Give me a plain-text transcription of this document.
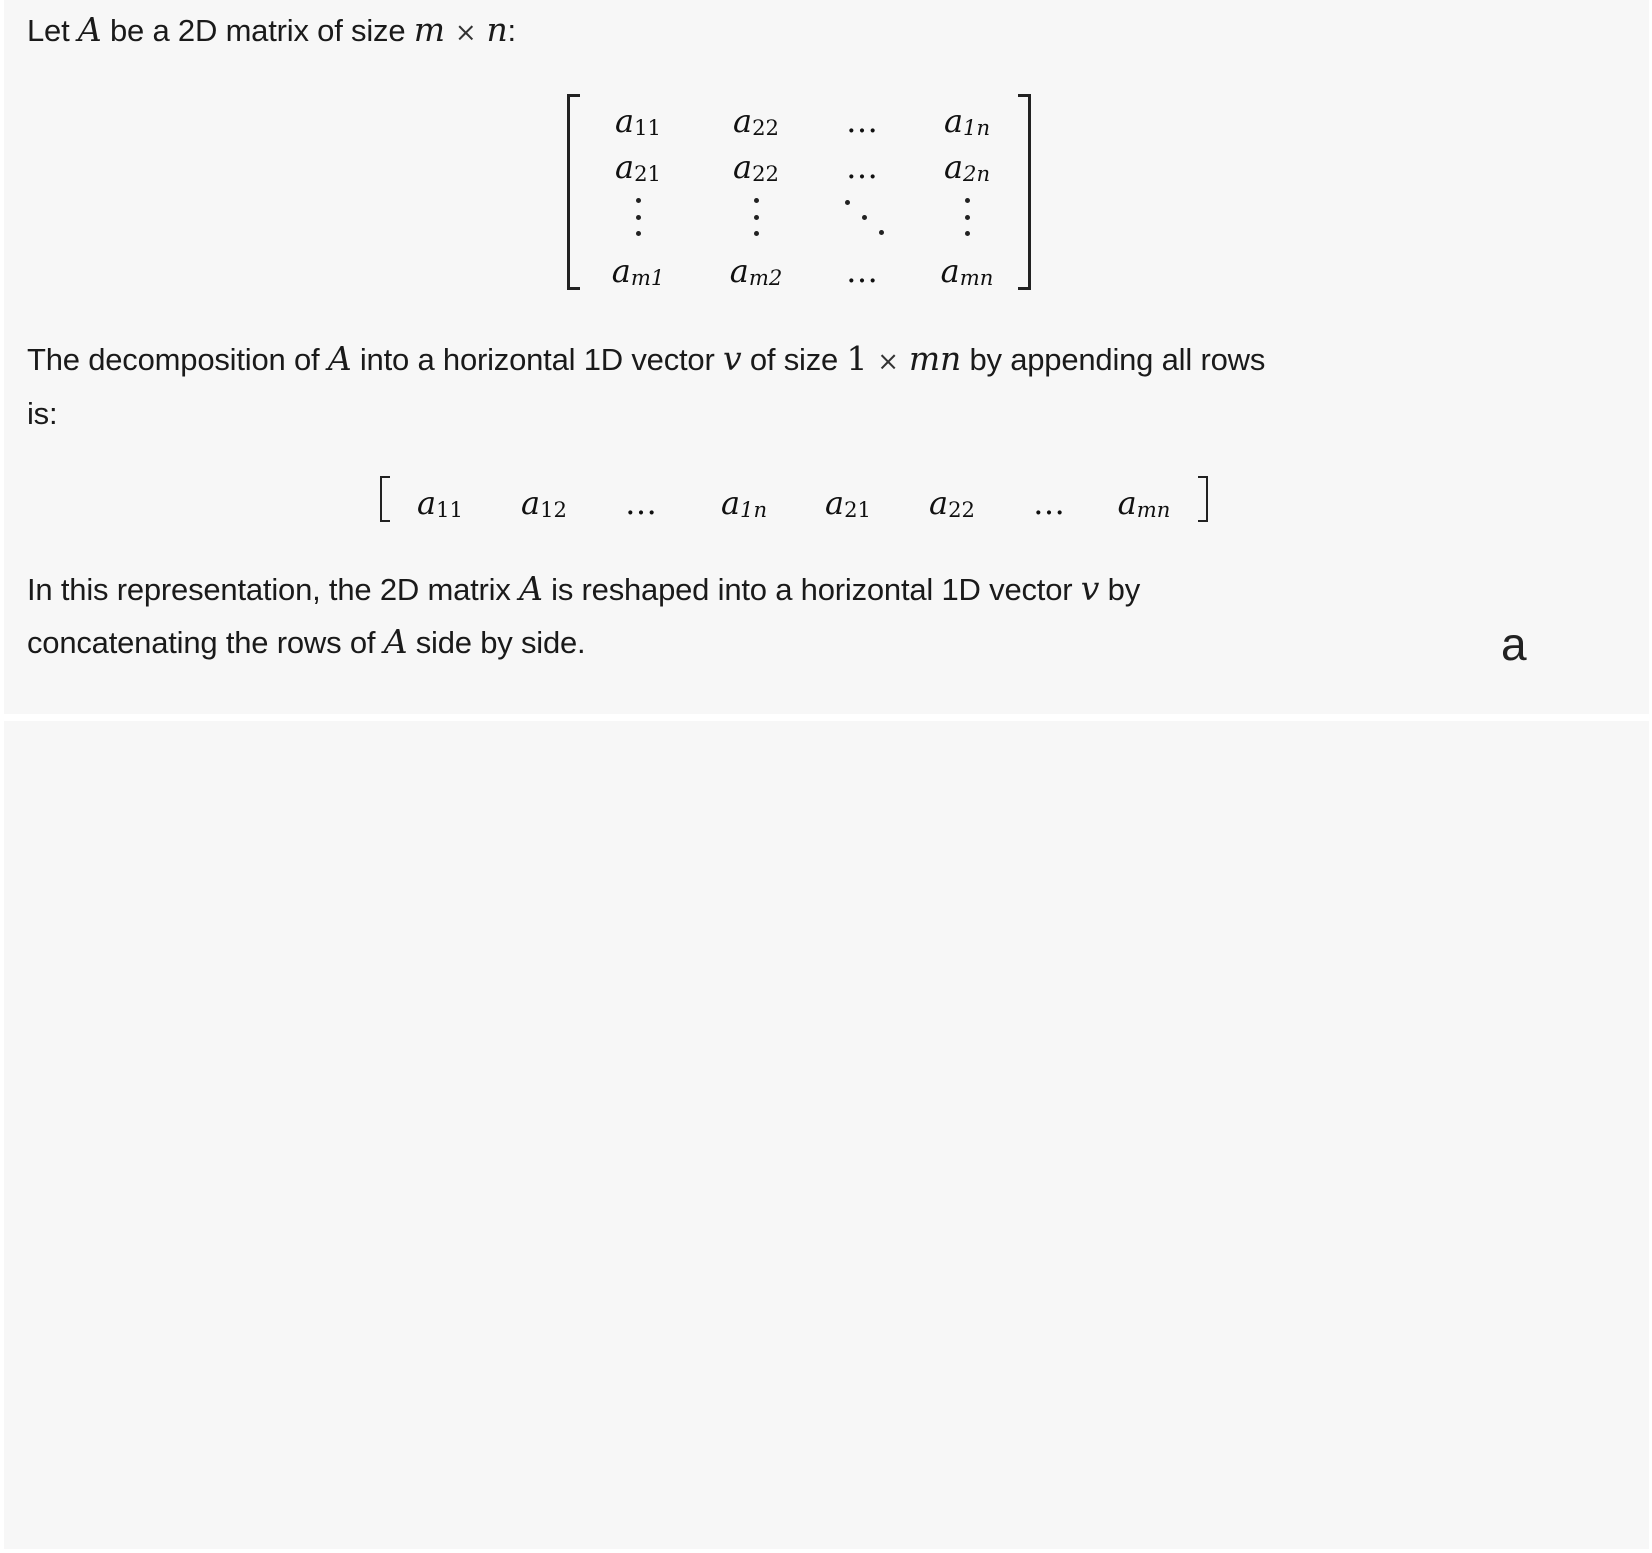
Let A be a 2D matrix of size m × n:
a 11	a 22	…	a 1n
a 21	a 22	…	a 2n
a m1	a m2	…	a mn
The decomposition of A into a horizontal 1D vector v of size 1 × mn by appending all rows
is:
a 11 a 12 … a 1n a 21 a 22 … a mn
In this representation, the 2D matrix A is reshaped into a horizontal 1D vector v by
concatenating the rows of A side by side.	a
